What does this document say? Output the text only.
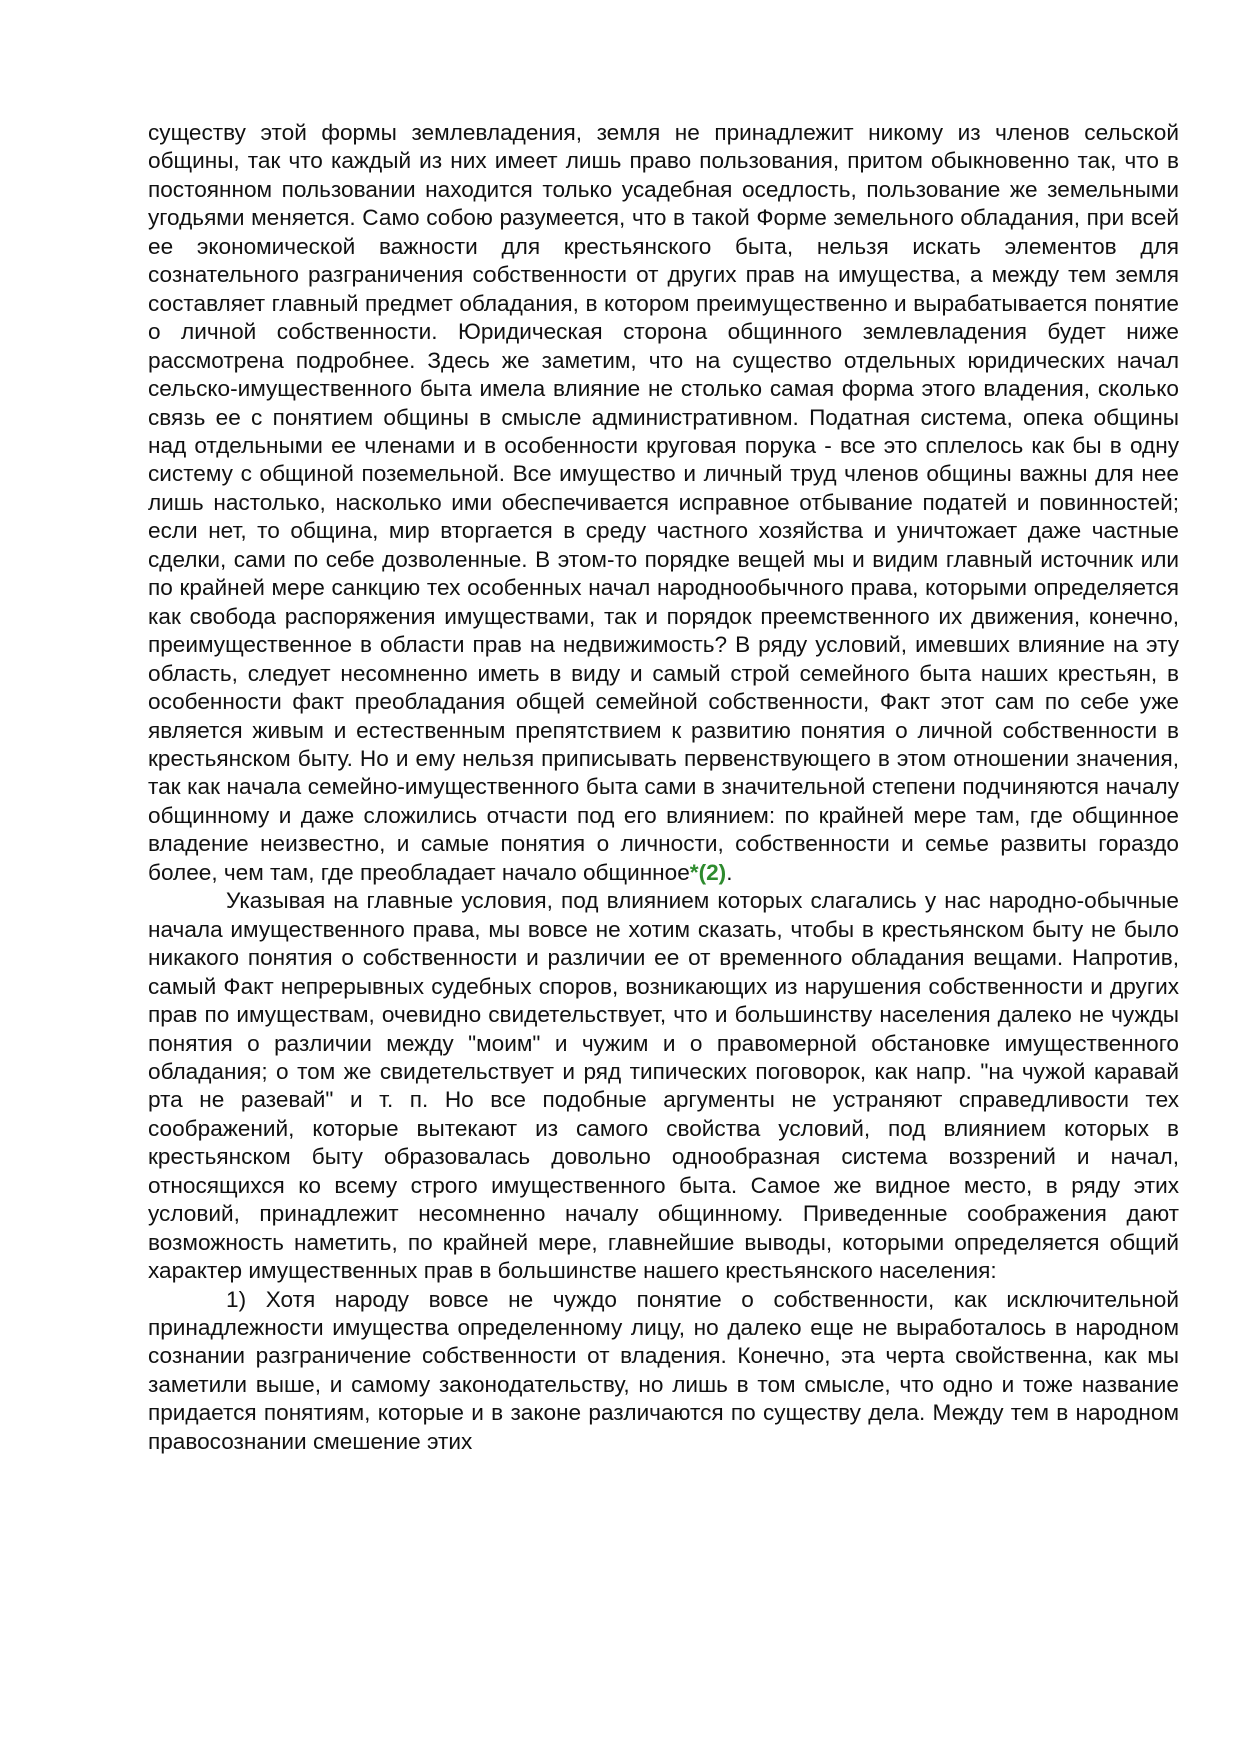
существу этой формы землевладения, земля не принадлежит никому из членов сельской общины, так что каждый из них имеет лишь право пользования, притом обыкновенно так, что в постоянном пользовании находится только усадебная оседлость, пользование же земельными угодьями меняется. Само собою разумеется, что в такой Форме земельного обладания, при всей ее экономической важности для крестьянского быта, нельзя искать элементов для сознательного разграничения собственности от других прав на имущества, а между тем земля составляет главный предмет обладания, в котором преимущественно и вырабатывается понятие о личной собственности. Юридическая сторона общинного землевладения будет ниже рассмотрена подробнее. Здесь же заметим, что на существо отдельных юридических начал сельско-имущественного быта имела влияние не столько самая форма этого владения, сколько связь ее с понятием общины в смысле административном. Податная система, опека общины над отдельными ее членами и в особенности круговая порука - все это сплелось как бы в одну систему с общиной поземельной. Все имущество и личный труд членов общины важны для нее лишь настолько, насколько ими обеспечивается исправное отбывание податей и повинностей; если нет, то община, мир вторгается в среду частного хозяйства и уничтожает даже частные сделки, сами по себе дозволенные. В этом-то порядке вещей мы и видим главный источник или по крайней мере санкцию тех особенных начал народнообычного права, которыми определяется как свобода распоряжения имуществами, так и порядок преемственного их движения, конечно, преимущественное в области прав на недвижимость? В ряду условий, имевших влияние на эту область, следует несомненно иметь в виду и самый строй семейного быта наших крестьян, в особенности факт преобладания общей семейной собственности, Факт этот сам по себе уже является живым и естественным препятствием к развитию понятия о личной собственности в крестьянском быту. Но и ему нельзя приписывать первенствующего в этом отношении значения, так как начала семейно-имущественного быта сами в значительной степени подчиняются началу общинному и даже сложились отчасти под его влиянием: по крайней мере там, где общинное владение неизвестно, и самые понятия о личности, собственности и семье развиты гораздо более, чем там, где преобладает начало общинное*(2).

Указывая на главные условия, под влиянием которых слагались у нас народно-обычные начала имущественного права, мы вовсе не хотим сказать, чтобы в крестьянском быту не было никакого понятия о собственности и различии ее от временного обладания вещами. Напротив, самый Факт непрерывных судебных споров, возникающих из нарушения собственности и других прав по имуществам, очевидно свидетельствует, что и большинству населения далеко не чужды понятия о различии между "моим" и чужим и о правомерной обстановке имущественного обладания; о том же свидетельствует и ряд типических поговорок, как напр. "на чужой каравай рта не разевай" и т. п. Но все подобные аргументы не устраняют справедливости тех соображений, которые вытекают из самого свойства условий, под влиянием которых в крестьянском быту образовалась довольно однообразная система воззрений и начал, относящихся ко всему строго имущественного быта. Самое же видное место, в ряду этих условий, принадлежит несомненно началу общинному. Приведенные соображения дают возможность наметить, по крайней мере, главнейшие выводы, которыми определяется общий характер имущественных прав в большинстве нашего крестьянского населения:

1) Хотя народу вовсе не чуждо понятие о собственности, как исключительной принадлежности имущества определенному лицу, но далеко еще не выработалось в народном сознании разграничение собственности от владения. Конечно, эта черта свойственна, как мы заметили выше, и самому законодательству, но лишь в том смысле, что одно и тоже название придается понятиям, которые и в законе различаются по существу дела. Между тем в народном правосознании смешение этих
